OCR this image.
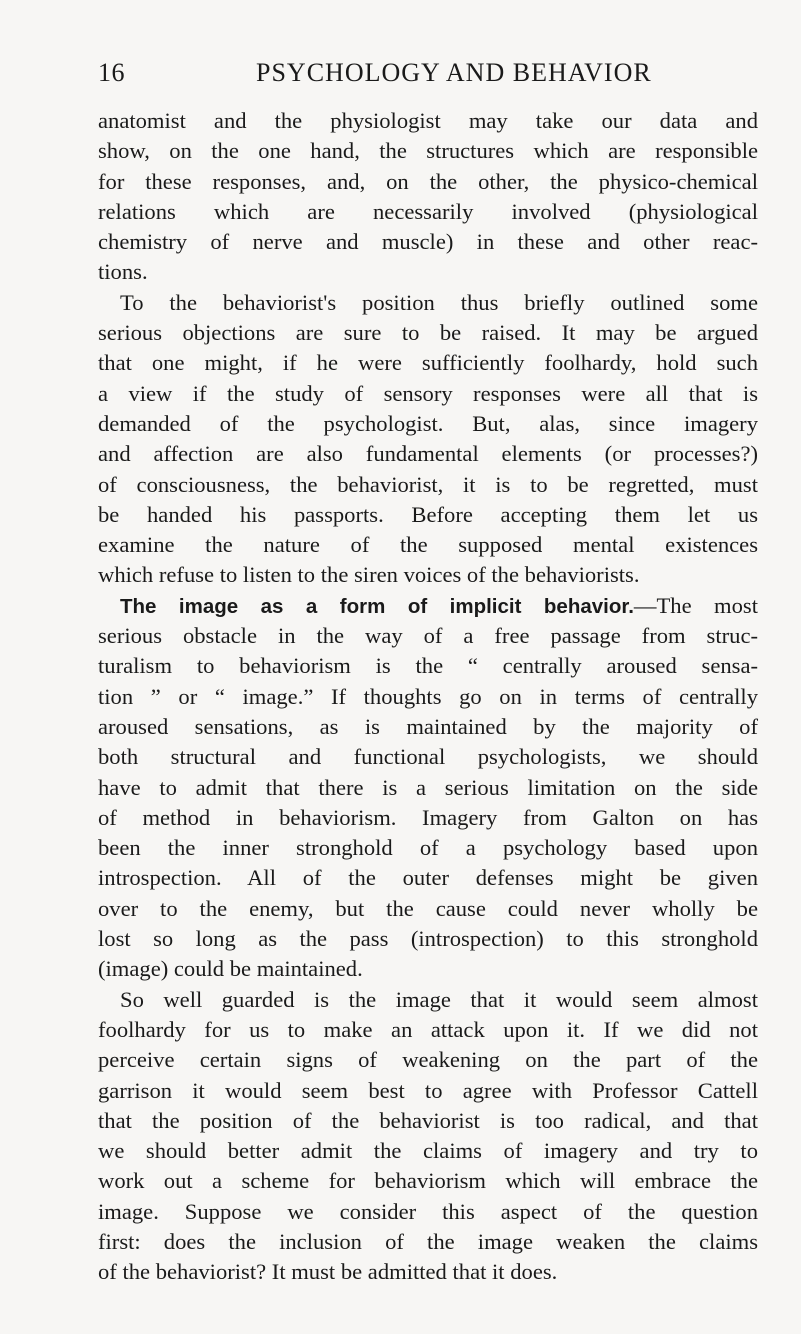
16	PSYCHOLOGY AND BEHAVIOR
anatomist and the physiologist may take our data and
show, on the one hand, the structures which are responsible
for these responses, and, on the other, the physico-chemical
relations which are necessarily involved (physiological
chemistry of nerve and muscle) in these and other reac-
tions.
To the behaviorist's position thus briefly outlined some
serious objections are sure to be raised. It may be argued
that one might, if he were sufficiently foolhardy, hold such
a view if the study of sensory responses were all that is
demanded of the psychologist. But, alas, since imagery
and affection are also fundamental elements (or processes?)
of consciousness, the behaviorist, it is to be regretted, must
be handed his passports. Before accepting them let us
examine the nature of the supposed mental existences
which refuse to listen to the siren voices of the behaviorists.
The image as a form of implicit behavior.—The most
serious obstacle in the way of a free passage from struc-
turalism to behaviorism is the “ centrally aroused sensa-
tion ” or “ image.” If thoughts go on in terms of centrally
aroused sensations, as is maintained by the majority of
both structural and functional psychologists, we should
have to admit that there is a serious limitation on the side
of method in behaviorism. Imagery from Galton on has
been the inner stronghold of a psychology based upon
introspection. All of the outer defenses might be given
over to the enemy, but the cause could never wholly be
lost so long as the pass (introspection) to this stronghold
(image) could be maintained.
So well guarded is the image that it would seem almost
foolhardy for us to make an attack upon it. If we did not
perceive certain signs of weakening on the part of the
garrison it would seem best to agree with Professor Cattell
that the position of the behaviorist is too radical, and that
we should better admit the claims of imagery and try to
work out a scheme for behaviorism which will embrace the
image. Suppose we consider this aspect of the question
first: does the inclusion of the image weaken the claims
of the behaviorist? It must be admitted that it does.
